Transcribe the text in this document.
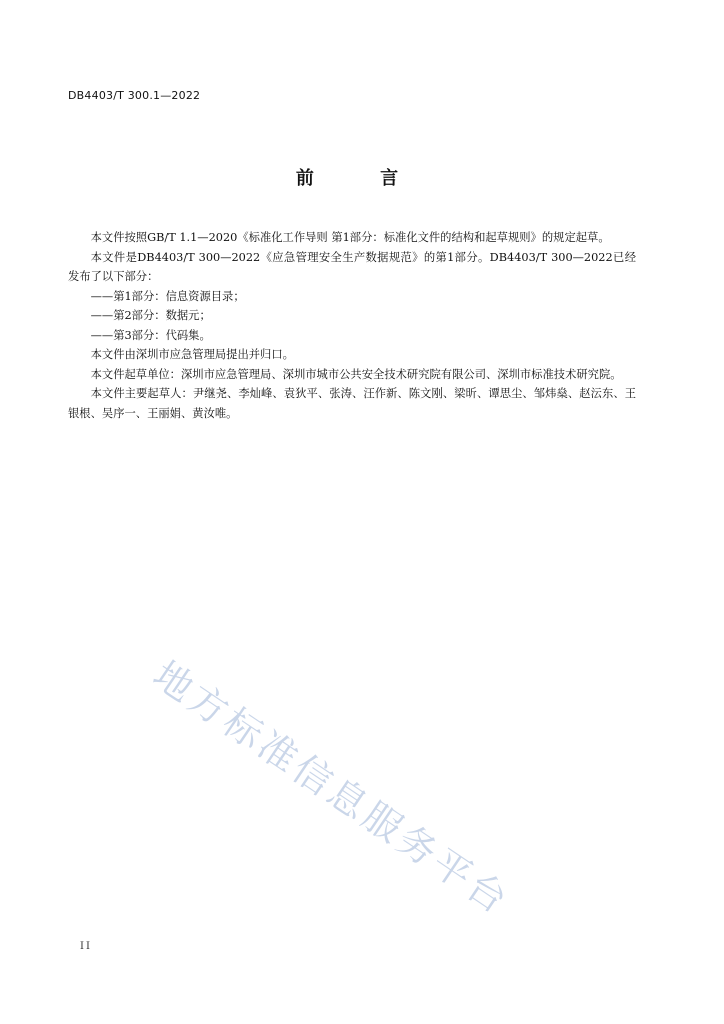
DB4403/T 300.1—2022
前 言

本文件按照GB/T 1.1—2020《标准化工作导则 第1部分：标准化文件的结构和起草规则》的规定起草。

本文件是DB4403/T 300—2022《应急管理安全生产数据规范》的第1部分。DB4403/T 300—2022已经发布了以下部分：

——第1部分：信息资源目录；

——第2部分：数据元；

——第3部分：代码集。

本文件由深圳市应急管理局提出并归口。

本文件起草单位：深圳市应急管理局、深圳市城市公共安全技术研究院有限公司、深圳市标准技术研究院。

本文件主要起草人：尹继尧、李灿峰、袁狄平、张涛、汪作新、陈文刚、梁昕、谭思尘、邹炜燊、赵沄东、王银根、吴序一、王丽娟、黄汝唯。

地方标准信息服务平台
II
